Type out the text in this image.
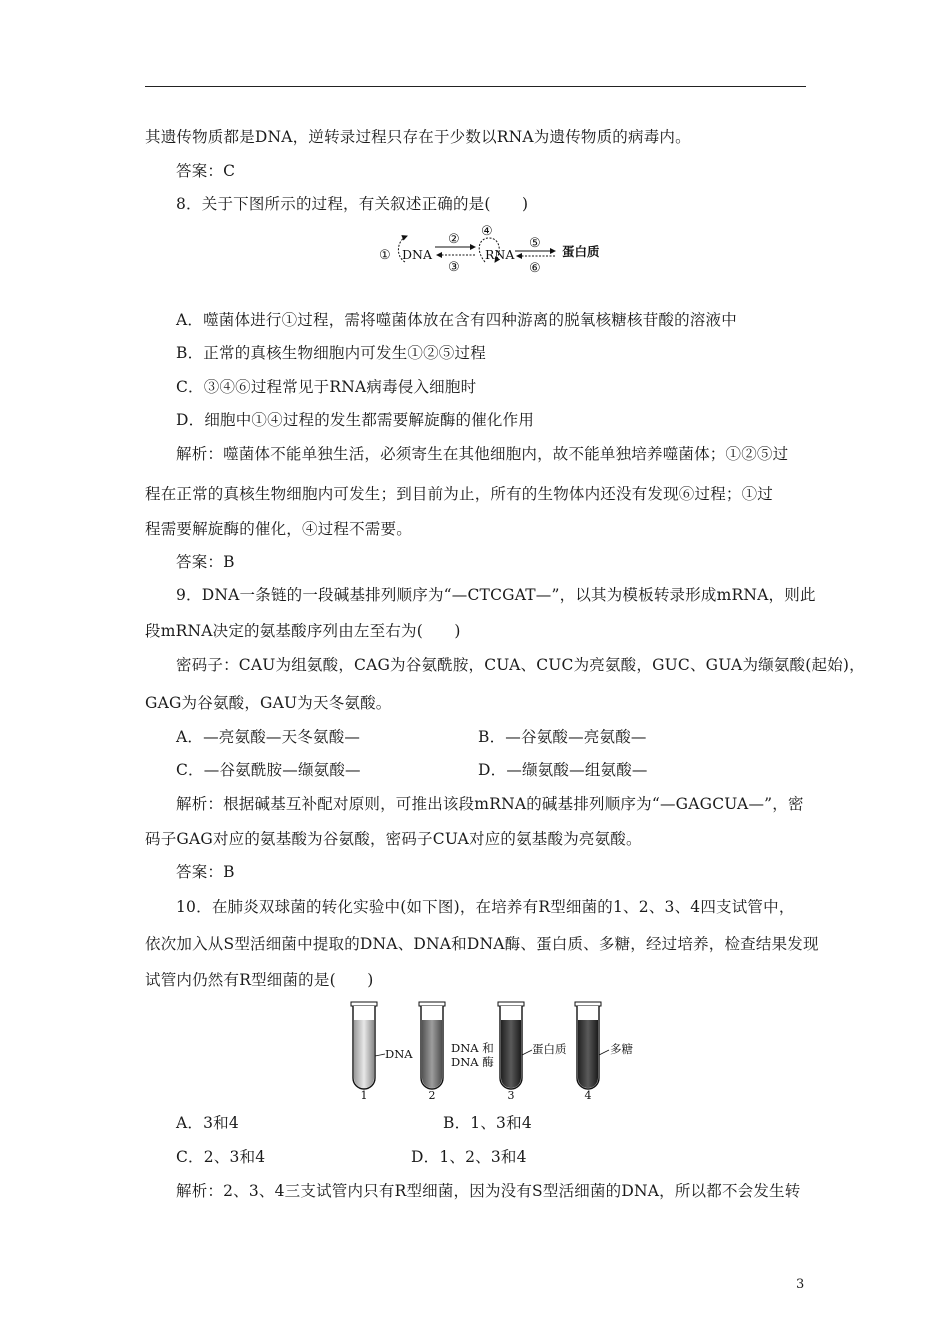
其遗传物质都是DNA，逆转录过程只存在于少数以RNA为遗传物质的病毒内。
答案：C
8．关于下图所示的过程，有关叙述正确的是(　　)
① DNA
②
③
④
RNA
⑤
⑥
蛋白质
A．噬菌体进行①过程，需将噬菌体放在含有四种游离的脱氧核糖核苷酸的溶液中
B．正常的真核生物细胞内可发生①②⑤过程
C．③④⑥过程常见于RNA病毒侵入细胞时
D．细胞中①④过程的发生都需要解旋酶的催化作用
解析：噬菌体不能单独生活，必须寄生在其他细胞内，故不能单独培养噬菌体；①②⑤过
程在正常的真核生物细胞内可发生；到目前为止，所有的生物体内还没有发现⑥过程；①过
程需要解旋酶的催化，④过程不需要。
答案：B
9．DNA一条链的一段碱基排列顺序为“—CTCGAT—”，以其为模板转录形成mRNA，则此
段mRNA决定的氨基酸序列由左至右为(　　)
密码子：CAU为组氨酸，CAG为谷氨酰胺，CUA、CUC为亮氨酸，GUC、GUA为缬氨酸(起始)，
GAG为谷氨酸，GAU为天冬氨酸。
A．—亮氨酸—天冬氨酸—	B．—谷氨酸—亮氨酸—
C．—谷氨酰胺—缬氨酸—	D．—缬氨酸—组氨酸—
解析：根据碱基互补配对原则，可推出该段mRNA的碱基排列顺序为“—GAGCUA—”，密
码子GAG对应的氨基酸为谷氨酸，密码子CUA对应的氨基酸为亮氨酸。
答案：B
10．在肺炎双球菌的转化实验中(如下图)，在培养有R型细菌的1、2、3、4四支试管中，
依次加入从S型活细菌中提取的DNA、DNA和DNA酶、蛋白质、多糖，经过培养，检查结果发现
试管内仍然有R型细菌的是(　　)
1
DNA
2
DNA 和
DNA 酶
3
蛋白质
4
多糖
A．3和4	B．1、3和4
C．2、3和4	D．1、2、3和4
解析：2、3、4三支试管内只有R型细菌，因为没有S型活细菌的DNA，所以都不会发生转
3
